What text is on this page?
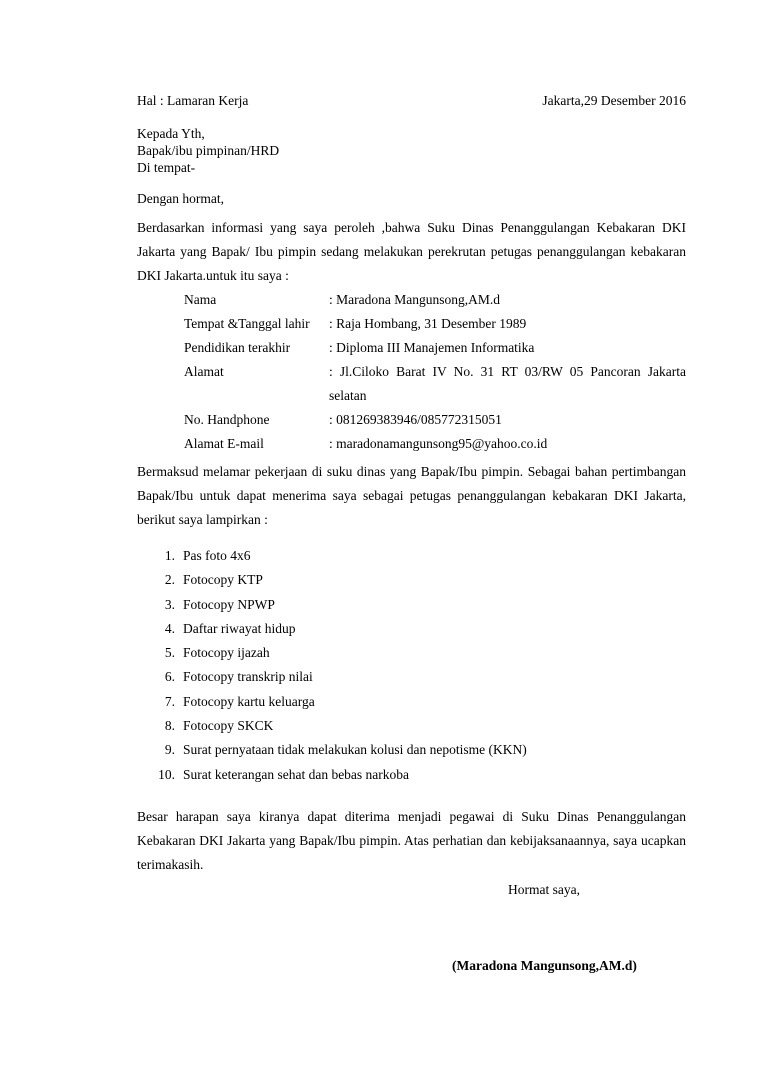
Hal : Lamaran Kerja	Jakarta,29 Desember 2016
Kepada Yth,
Bapak/ibu pimpinan/HRD
Di tempat-
Dengan hormat,
Berdasarkan informasi yang saya peroleh ,bahwa Suku Dinas Penanggulangan Kebakaran DKI Jakarta yang Bapak/ Ibu pimpin sedang melakukan perekrutan petugas penanggulangan kebakaran DKI Jakarta.untuk itu saya :
Nama	: Maradona Mangunsong,AM.d
Tempat &Tanggal lahir	: Raja Hombang, 31 Desember 1989
Pendidikan terakhir	: Diploma III Manajemen Informatika
Alamat	: Jl.Ciloko Barat IV No. 31 RT 03/RW 05 Pancoran Jakarta selatan
No. Handphone	: 081269383946/085772315051
Alamat E-mail	: maradonamangunsong95@yahoo.co.id
Bermaksud melamar pekerjaan di suku dinas yang Bapak/Ibu pimpin. Sebagai bahan pertimbangan Bapak/Ibu untuk dapat menerima saya sebagai petugas penanggulangan kebakaran DKI Jakarta, berikut saya lampirkan :
1. Pas foto 4x6
2. Fotocopy KTP
3. Fotocopy NPWP
4. Daftar riwayat hidup
5. Fotocopy ijazah
6. Fotocopy transkrip nilai
7. Fotocopy kartu keluarga
8. Fotocopy SKCK
9. Surat pernyataan tidak melakukan kolusi dan nepotisme (KKN)
10. Surat keterangan sehat dan bebas narkoba
Besar harapan saya kiranya dapat diterima menjadi pegawai di Suku Dinas Penanggulangan Kebakaran DKI Jakarta yang Bapak/Ibu pimpin. Atas perhatian dan kebijaksanaannya, saya ucapkan terimakasih.
Hormat saya,
(Maradona Mangunsong,AM.d)
